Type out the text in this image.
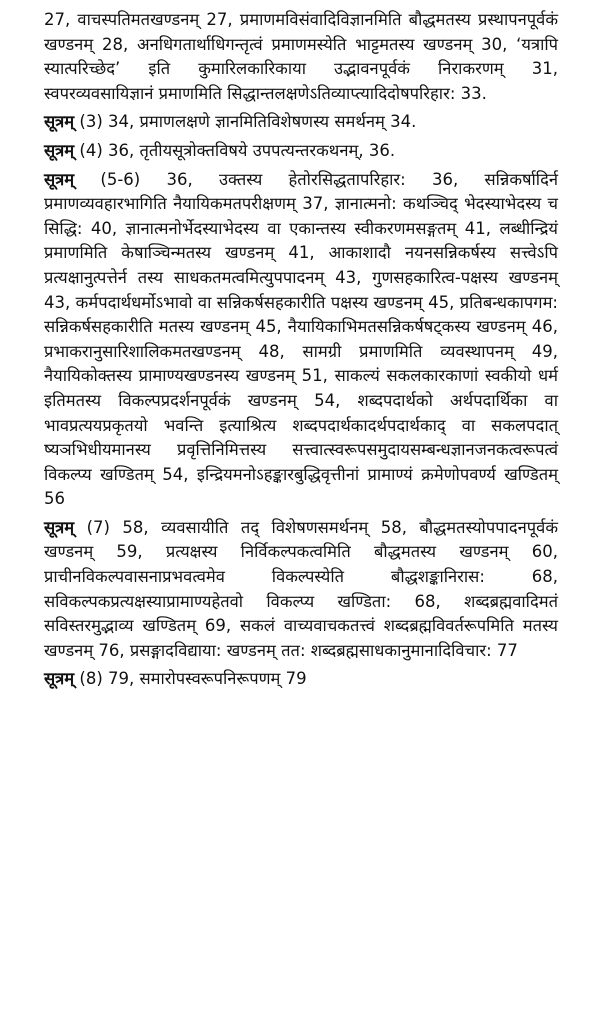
27, वाचस्पतिमतखण्डनम् 27, प्रमाणमविसंवादिविज्ञानमिति बौद्धमतस्य प्रस्थापनपूर्वकं खण्डनम् 28, अनधिगतार्थाधिगन्तृत्वं प्रमाणमस्येति भाट्टमतस्य खण्डनम् 30, ‘यत्रापि स्यात्परिच्छेद’ इति कुमारिलकारिकाया उद्भावनपूर्वकं निराकरणम् 31, स्वपरव्यवसायिज्ञानं प्रमाणमिति सिद्धान्तलक्षणेऽतिव्याप्त्यादिदोषपरिहार: 33.

सूत्रम् (3) 34, प्रमाणलक्षणे ज्ञानमितिविशेषणस्य समर्थनम् 34.

सूत्रम् (4) 36, तृतीयसूत्रोक्तविषये उपपत्यन्तरकथनम्, 36.

सूत्रम् (5-6) 36, उक्तस्य हेतोरसिद्धतापरिहार: 36, सन्निकर्षादिर्न प्रमाणव्यवहारभागिति नैयायिकमतपरीक्षणम् 37, ज्ञानात्मनो: कथञ्चिद् भेदस्याभेदस्य च सिद्धि: 40, ज्ञानात्मनोर्भेदस्याभेदस्य वा एकान्तस्य स्वीकरणमसङ्गतम् 41, लब्धीन्द्रियं प्रमाणमिति केषाञ्चिन्मतस्य खण्डनम् 41, आकाशादौ नयनसन्निकर्षस्य सत्त्वेऽपि प्रत्यक्षानुत्पत्तेर्न तस्य साधकतमत्वमित्युपपादनम् 43, गुणसहकारित्व-पक्षस्य खण्डनम् 43, कर्मपदार्थधर्मोऽभावो वा सन्निकर्षसहकारीति पक्षस्य खण्डनम् 45, प्रतिबन्धकापगम: सन्निकर्षसहकारीति मतस्य खण्डनम् 45, नैयायिकाभिमतसन्निकर्षषट्कस्य खण्डनम् 46, प्रभाकरानुसारिशालिकमतखण्डनम् 48, सामग्री प्रमाणमिति व्यवस्थापनम् 49, नैयायिकोक्तस्य प्रामाण्यखण्डनस्य खण्डनम् 51, साकल्यं सकलकारकाणां स्वकीयो धर्म इतिमतस्य विकल्पप्रदर्शनपूर्वकं खण्डनम् 54, शब्दपदार्थको अर्थपदार्थिका वा भावप्रत्ययप्रकृतयो भवन्ति इत्याश्रित्य शब्दपदार्थकादर्थपदार्थकाद् वा सकलपदात् ष्यञभिधीयमानस्य प्रवृत्तिनिमित्तस्य सत्त्वात्स्वरूपसमुदायसम्बन्धज्ञानजनकत्वरूपत्वं विकल्प्य खण्डितम् 54, इन्द्रियमनोऽहङ्कारबुद्धिवृत्तीनां प्रामाण्यं क्रमेणोपवर्ण्य खण्डितम् 56

सूत्रम् (7) 58, व्यवसायीति तद् विशेषणसमर्थनम् 58, बौद्धमतस्योपपादनपूर्वकं खण्डनम् 59, प्रत्यक्षस्य निर्विकल्पकत्वमिति बौद्धमतस्य खण्डनम् 60, प्राचीनविकल्पवासनाप्रभवत्वमेव विकल्पस्येति बौद्धशङ्कानिरास: 68, सविकल्पकप्रत्यक्षस्याप्रामाण्यहेतवो विकल्प्य खण्डिता: 68, शब्दब्रह्मवादिमतं सविस्तरमुद्भाव्य खण्डितम् 69, सकलं वाच्यवाचकतत्त्वं शब्दब्रह्मविवर्तरूपमिति मतस्य खण्डनम् 76, प्रसङ्गादविद्याया: खण्डनम् तत: शब्दब्रह्मसाधकानुमानादिविचार: 77

सूत्रम् (8) 79, समारोपस्वरूपनिरूपणम् 79
